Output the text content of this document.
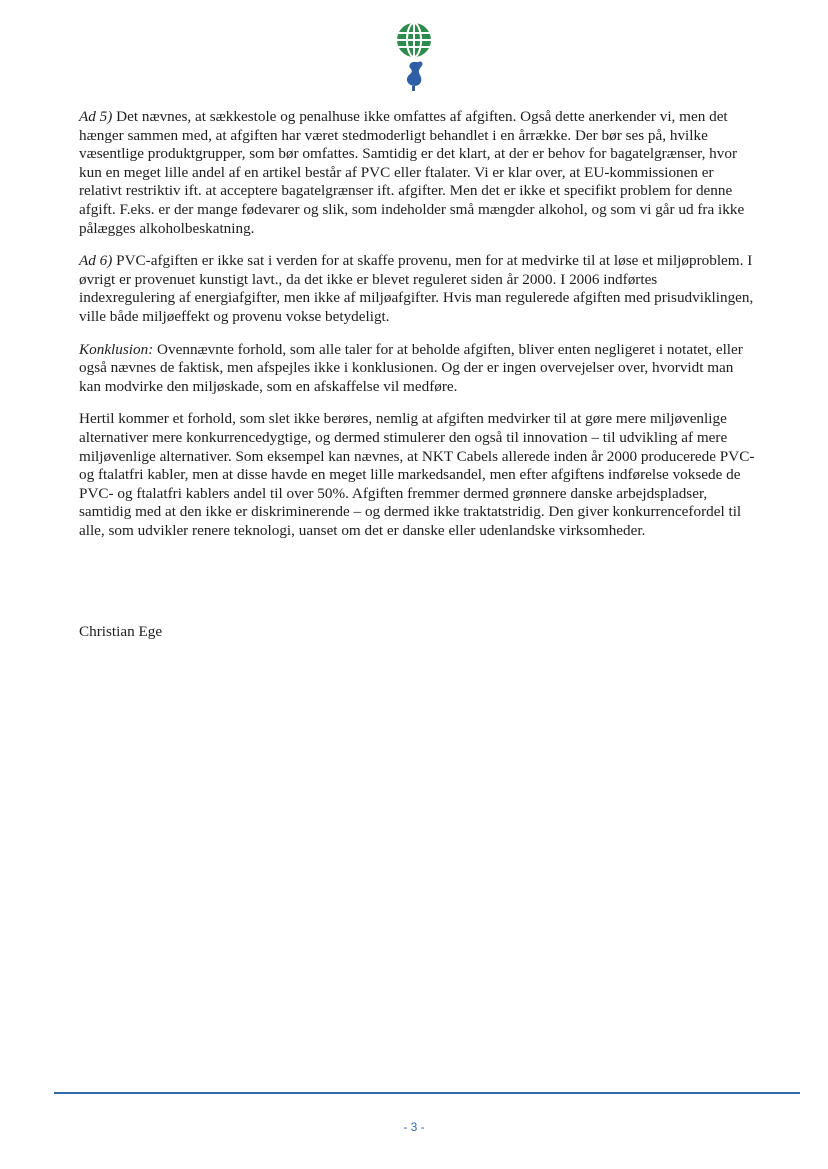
Ad 5) Det nævnes, at sækkestole og penalhuse ikke omfattes af afgiften. Også dette anerkender vi, men det hænger sammen med, at afgiften har været stedmoderligt behandlet i en årrække. Der bør ses på, hvilke væsentlige produktgrupper, som bør omfattes. Samtidig er det klart, at der er behov for bagatelgrænser, hvor kun en meget lille andel af en artikel består af PVC eller ftalater. Vi er klar over, at EU-kommissionen er relativt restriktiv ift. at acceptere bagatelgrænser ift. afgifter. Men det er ikke et specifikt problem for denne afgift. F.eks. er der mange fødevarer og slik, som indeholder små mængder alkohol, og som vi går ud fra ikke pålægges alkoholbeskatning.

Ad 6) PVC-afgiften er ikke sat i verden for at skaffe provenu, men for at medvirke til at løse et miljøproblem. I øvrigt er provenuet kunstigt lavt., da det ikke er blevet reguleret siden år 2000. I 2006 indførtes indexregulering af energiafgifter, men ikke af miljøafgifter. Hvis man regulerede afgiften med prisudviklingen, ville både miljøeffekt og provenu vokse betydeligt.

Konklusion: Ovennævnte forhold, som alle taler for at beholde afgiften, bliver enten negligeret i notatet, eller også nævnes de faktisk, men afspejles ikke i konklusionen. Og der er ingen overvejelser over, hvorvidt man kan modvirke den miljøskade, som en afskaffelse vil medføre.

Hertil kommer et forhold, som slet ikke berøres, nemlig at afgiften medvirker til at gøre mere miljøvenlige alternativer mere konkurrencedygtige, og dermed stimulerer den også til innovation – til udvikling af mere miljøvenlige alternativer. Som eksempel kan nævnes, at NKT Cabels allerede inden år 2000 producerede PVC- og ftalatfri kabler, men at disse havde en meget lille markedsandel, men efter afgiftens indførelse voksede de PVC- og ftalatfri kablers andel til over 50%. Afgiften fremmer dermed grønnere danske arbejdspladser, samtidig med at den ikke er diskriminerende – og dermed ikke traktatstridig. Den giver konkurrencefordel til alle, som udvikler renere teknologi, uanset om det er danske eller udenlandske virksomheder.

Christian Ege
- 3 -
